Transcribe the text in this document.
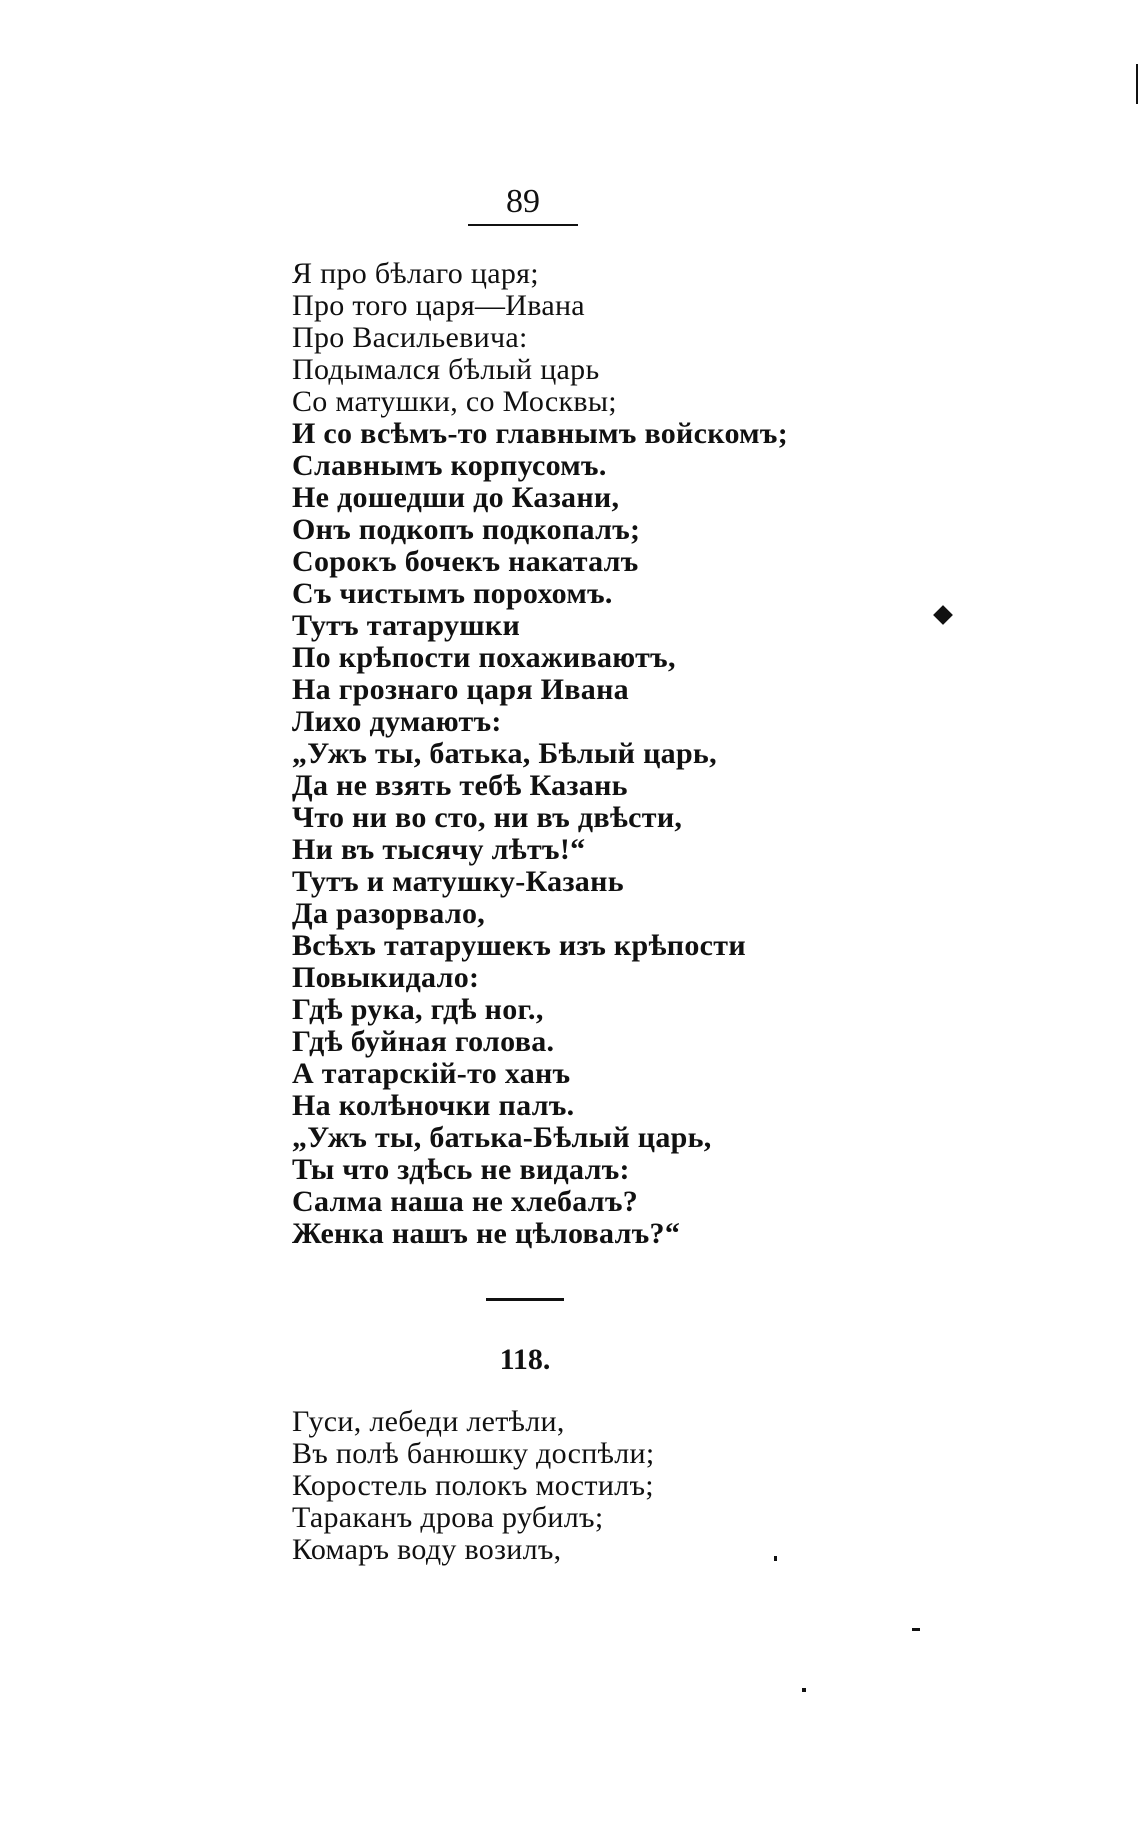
89
Я про бѣлаго царя;
Про того царя—Ивана
Про Васильевича:
Подымался бѣлый царь
Со матушки, со Москвы;
И со всѣмъ-то главнымъ войскомъ;
Славнымъ корпусомъ.
Не дошедши до Казани,
Онъ подкопъ подкопалъ;
Сорокъ бочекъ накаталъ
Съ чистымъ порохомъ.
Тутъ татарушки
По крѣпости похаживаютъ,
На грознаго царя Ивана
Лихо думаютъ:
„Ужъ ты, батька, Бѣлый царь,
Да не взять тебѣ Казань
Что ни во сто, ни въ двѣсти,
Ни въ тысячу лѣтъ!“
Тутъ и матушку-Казань
Да разорвало,
Всѣхъ татарушекъ изъ крѣпости
Повыкидало:
Гдѣ рука, гдѣ ног.,
Гдѣ буйная голова.
А татарскій-то ханъ
На колѣночки палъ.
„Ужъ ты, батька-Бѣлый царь,
Ты что здѣсь не видалъ:
Салма наша не хлебалъ?
Женка нашъ не цѣловалъ?“
118.
Гуси, лебеди летѣли,
Въ полѣ банюшку доспѣли;
Коростель полокъ мостилъ;
Тараканъ дрова рубилъ;
Комаръ воду возилъ,
